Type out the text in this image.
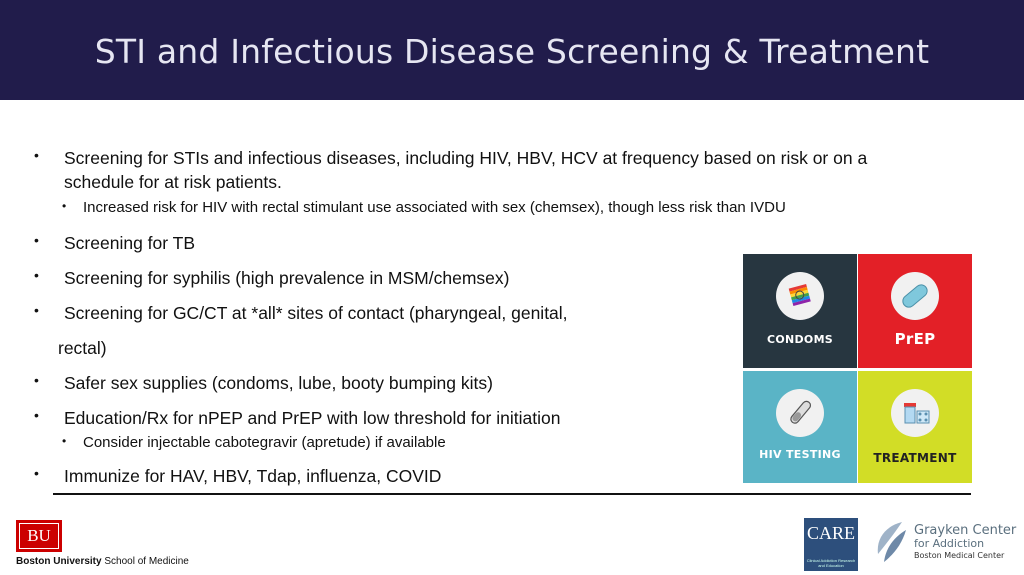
STI and Infectious Disease Screening & Treatment
• Screening for STIs and infectious diseases, including HIV, HBV, HCV at frequency based on risk or on a
schedule for at risk patients.
• Increased risk for HIV with rectal stimulant use associated with sex (chemsex), though less risk than IVDU
• Screening for TB
• Screening for syphilis (high prevalence in MSM/chemsex)
• Screening for GC/CT at *all* sites of contact (pharyngeal, genital,
rectal)
• Safer sex supplies (condoms, lube, booty bumping kits)
• Education/Rx for nPEP and PrEP with low threshold for initiation
• Consider injectable cabotegravir (apretude) if available
• Immunize for HAV, HBV, Tdap, influenza, COVID
CONDOMS	PrEP
HIV TESTING	TREATMENT
BU
Boston University School of Medicine
CARE
Clinical Addiction Research and Education
Grayken Center
for Addiction
Boston Medical Center
